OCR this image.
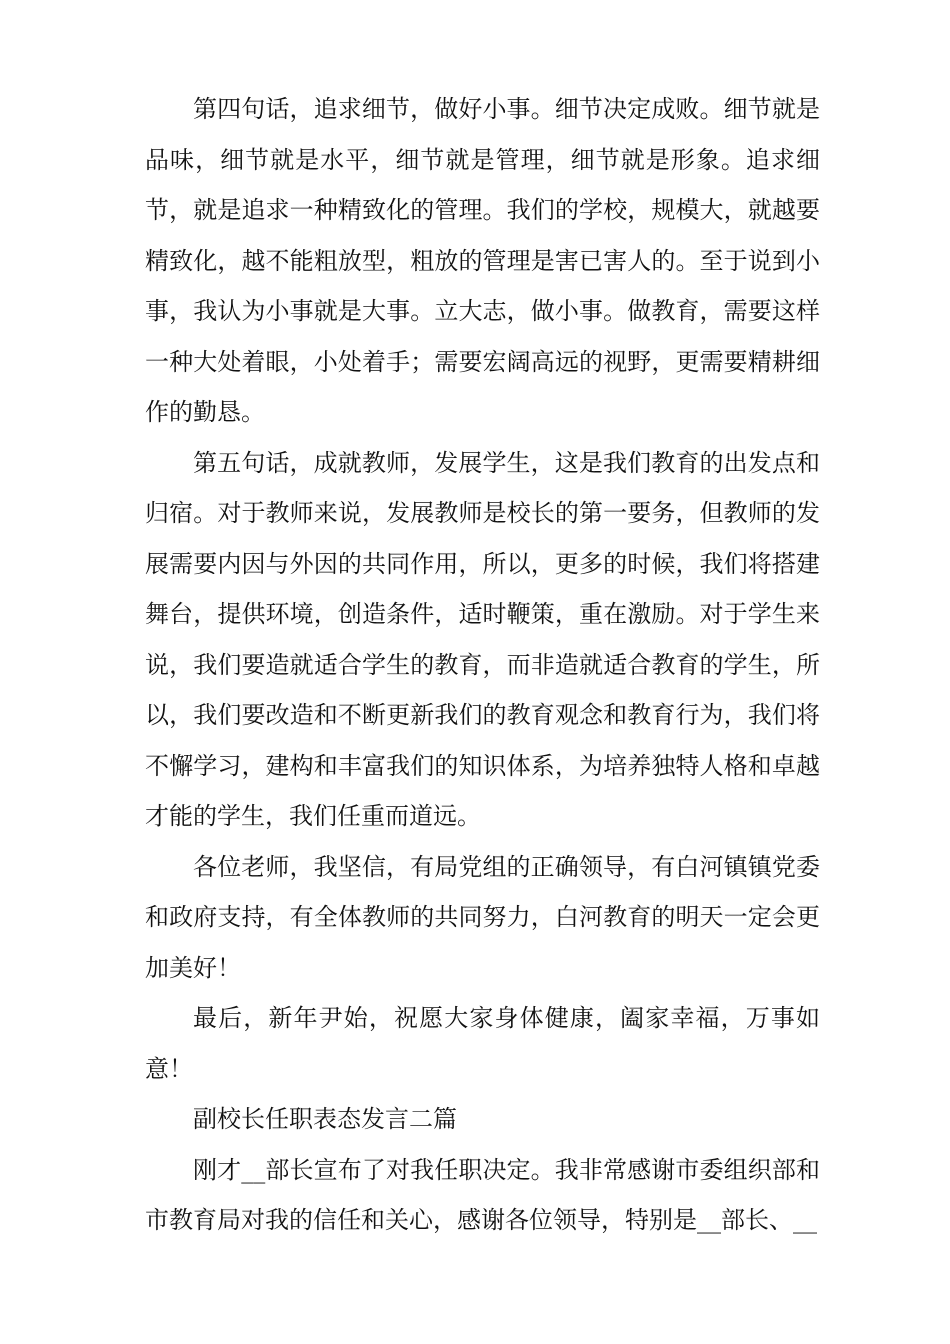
第四句话，追求细节，做好小事。细节决定成败。细节就是品味，细节就是水平，细节就是管理，细节就是形象。追求细节，就是追求一种精致化的管理。我们的学校，规模大，就越要精致化，越不能粗放型，粗放的管理是害已害人的。至于说到小事，我认为小事就是大事。立大志，做小事。做教育，需要这样一种大处着眼，小处着手；需要宏阔高远的视野，更需要精耕细作的勤恳。

第五句话，成就教师，发展学生，这是我们教育的出发点和归宿。对于教师来说，发展教师是校长的第一要务，但教师的发展需要内因与外因的共同作用，所以，更多的时候，我们将搭建舞台，提供环境，创造条件，适时鞭策，重在激励。对于学生来说，我们要造就适合学生的教育，而非造就适合教育的学生，所以，我们要改造和不断更新我们的教育观念和教育行为，我们将不懈学习，建构和丰富我们的知识体系，为培养独特人格和卓越才能的学生，我们任重而道远。

各位老师，我坚信，有局党组的正确领导，有白河镇镇党委和政府支持，有全体教师的共同努力，白河教育的明天一定会更加美好！

最后，新年尹始，祝愿大家身体健康，阖家幸福，万事如意！

副校长任职表态发言二篇

刚才__部长宣布了对我任职决定。我非常感谢市委组织部和市教育局对我的信任和关心，感谢各位领导，特别是__部长、__
